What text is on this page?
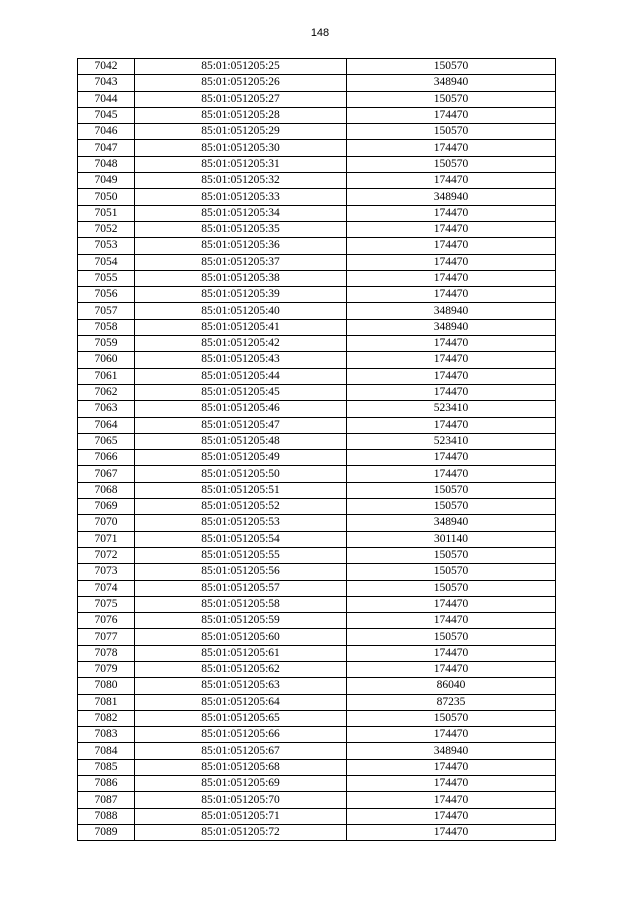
148
7042	85:01:051205:25	150570
7043	85:01:051205:26	348940
7044	85:01:051205:27	150570
7045	85:01:051205:28	174470
7046	85:01:051205:29	150570
7047	85:01:051205:30	174470
7048	85:01:051205:31	150570
7049	85:01:051205:32	174470
7050	85:01:051205:33	348940
7051	85:01:051205:34	174470
7052	85:01:051205:35	174470
7053	85:01:051205:36	174470
7054	85:01:051205:37	174470
7055	85:01:051205:38	174470
7056	85:01:051205:39	174470
7057	85:01:051205:40	348940
7058	85:01:051205:41	348940
7059	85:01:051205:42	174470
7060	85:01:051205:43	174470
7061	85:01:051205:44	174470
7062	85:01:051205:45	174470
7063	85:01:051205:46	523410
7064	85:01:051205:47	174470
7065	85:01:051205:48	523410
7066	85:01:051205:49	174470
7067	85:01:051205:50	174470
7068	85:01:051205:51	150570
7069	85:01:051205:52	150570
7070	85:01:051205:53	348940
7071	85:01:051205:54	301140
7072	85:01:051205:55	150570
7073	85:01:051205:56	150570
7074	85:01:051205:57	150570
7075	85:01:051205:58	174470
7076	85:01:051205:59	174470
7077	85:01:051205:60	150570
7078	85:01:051205:61	174470
7079	85:01:051205:62	174470
7080	85:01:051205:63	86040
7081	85:01:051205:64	87235
7082	85:01:051205:65	150570
7083	85:01:051205:66	174470
7084	85:01:051205:67	348940
7085	85:01:051205:68	174470
7086	85:01:051205:69	174470
7087	85:01:051205:70	174470
7088	85:01:051205:71	174470
7089	85:01:051205:72	174470
